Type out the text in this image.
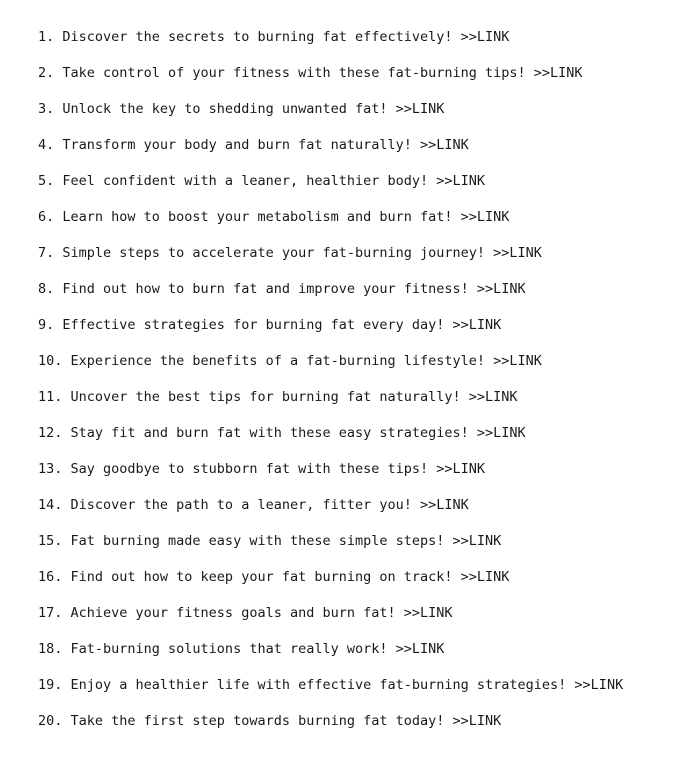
1. Discover the secrets to burning fat effectively! >>LINK
2. Take control of your fitness with these fat-burning tips! >>LINK
3. Unlock the key to shedding unwanted fat! >>LINK
4. Transform your body and burn fat naturally! >>LINK
5. Feel confident with a leaner, healthier body! >>LINK
6. Learn how to boost your metabolism and burn fat! >>LINK
7. Simple steps to accelerate your fat-burning journey! >>LINK
8. Find out how to burn fat and improve your fitness! >>LINK
9. Effective strategies for burning fat every day! >>LINK
10. Experience the benefits of a fat-burning lifestyle! >>LINK
11. Uncover the best tips for burning fat naturally! >>LINK
12. Stay fit and burn fat with these easy strategies! >>LINK
13. Say goodbye to stubborn fat with these tips! >>LINK
14. Discover the path to a leaner, fitter you! >>LINK
15. Fat burning made easy with these simple steps! >>LINK
16. Find out how to keep your fat burning on track! >>LINK
17. Achieve your fitness goals and burn fat! >>LINK
18. Fat-burning solutions that really work! >>LINK
19. Enjoy a healthier life with effective fat-burning strategies! >>LINK
20. Take the first step towards burning fat today! >>LINK
